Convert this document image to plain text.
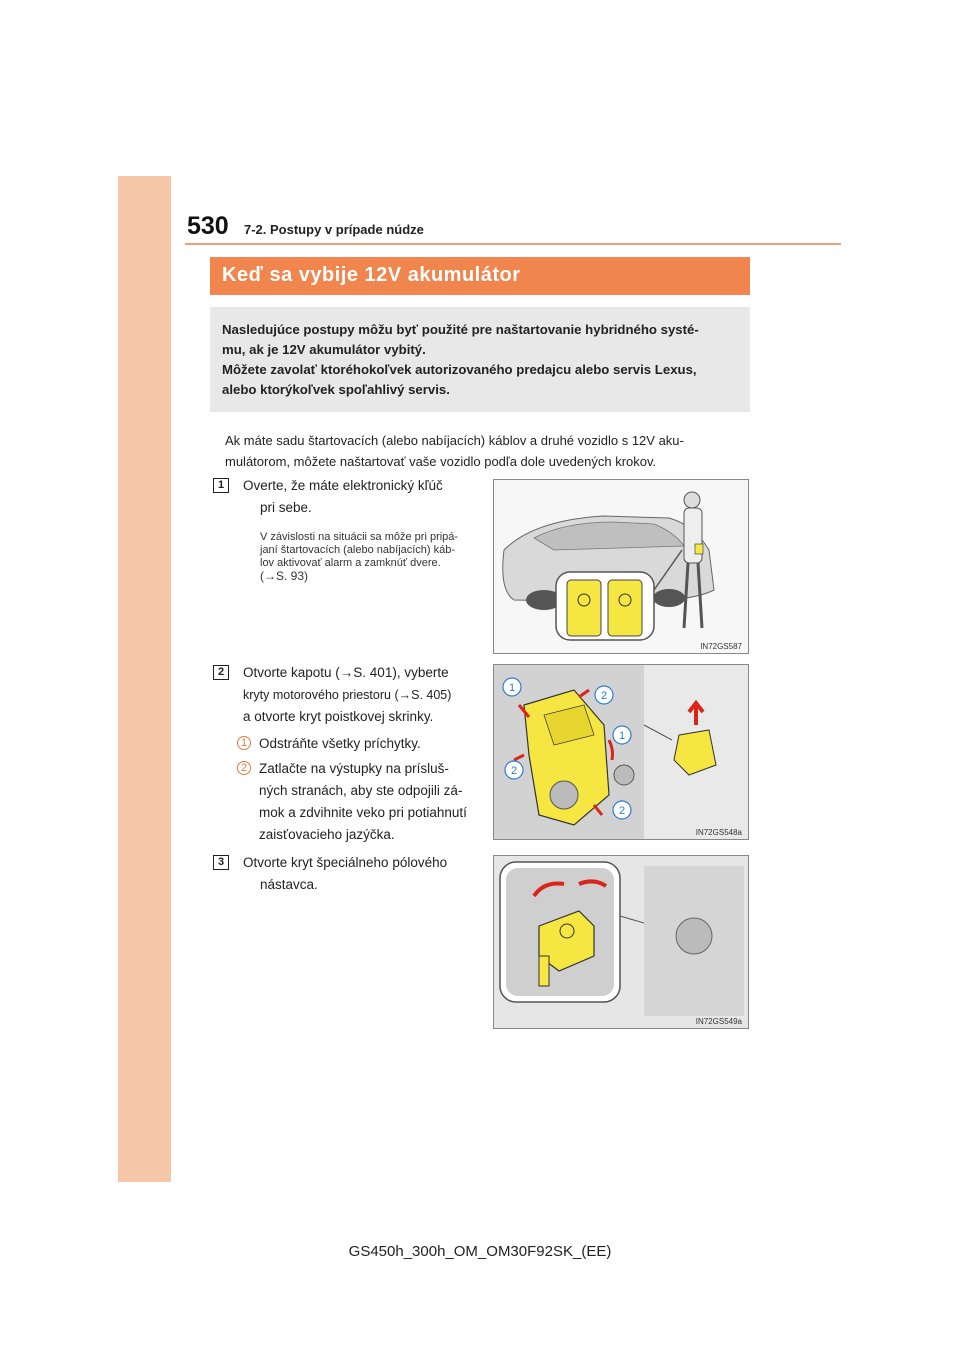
530 7-2. Postupy v prípade núdze
Keď sa vybije 12V akumulátor

Nasledujúce postupy môžu byť použité pre naštartovanie hybridného systé-

mu, ak je 12V akumulátor vybitý.

Môžete zavolať ktoréhokoľvek autorizovaného predajcu alebo servis Lexus,

alebo ktorýkoľvek spoľahlivý servis.

Ak máte sadu štartovacích (alebo nabíjacích) káblov a druhé vozidlo s 12V aku-
mulátorom, môžete naštartovať vaše vozidlo podľa dole uvedených krokov.
1	Overte, že máte elektronický kľúč
pri sebe.
V závislosti na situácii sa môže pri pripá-
janí štartovacích (alebo nabíjacích) káb-
lov aktivovať alarm a zamknúť dvere.
(→S. 93)
IN72GS587
2	Otvorte kapotu (→S. 401), vyberte
kryty motorového priestoru (→S. 405)
a otvorte kryt poistkovej skrinky.
1 Odstráňte všetky príchytky.
2 Zatlačte na výstupky na prísluš-
ných stranách, aby ste odpojili zá-
mok a zdvihnite veko pri potiahnutí
zaisťovacieho jazýčka.
1
2
1
2
2
IN72GS548a
3	Otvorte kryt špeciálneho pólového
nástavca.
IN72GS549a
GS450h_300h_OM_OM30F92SK_(EE)
